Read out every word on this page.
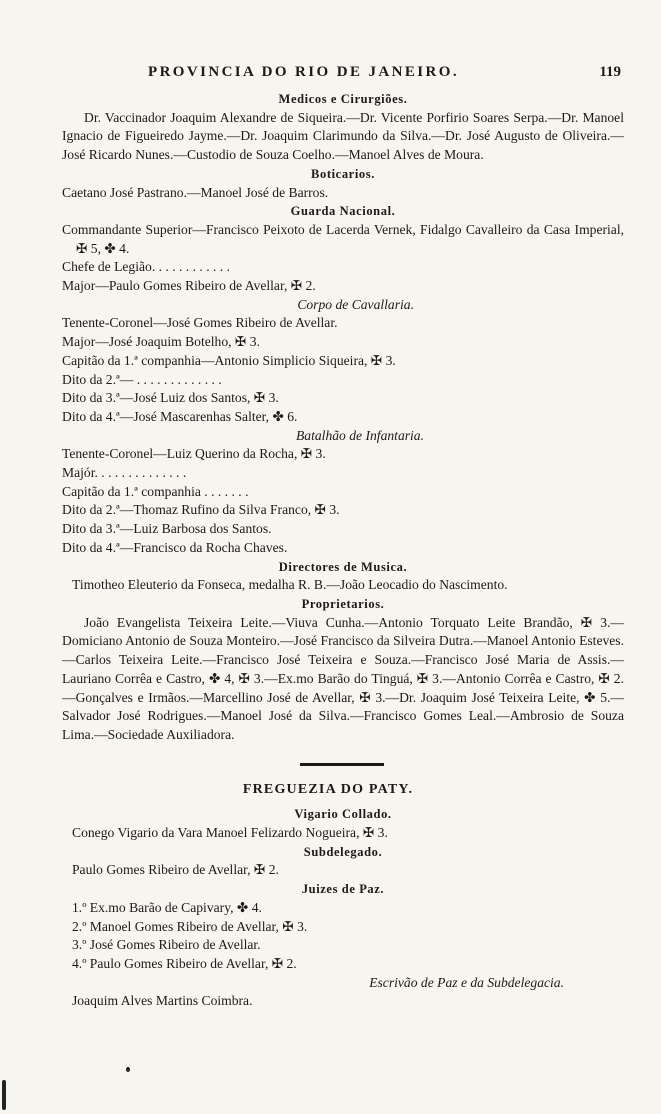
PROVINCIA DO RIO DE JANEIRO.	119

Medicos e Cirurgiões.

Dr. Vaccinador Joaquim Alexandre de Siqueira.—Dr. Vicente Porfirio Soares Serpa.—Dr. Manoel Ignacio de Figueiredo Jayme.—Dr. Joaquim Clarimundo da Silva.—Dr. José Augusto de Oliveira.—José Ricardo Nunes.—Custodio de Souza Coelho.—Manoel Alves de Moura.

Boticarios.

Caetano José Pastrano.—Manoel José de Barros.

Guarda Nacional.

Commandante Superior—Francisco Peixoto de Lacerda Vernek, Fidalgo Cavalleiro da Casa Imperial, ✠ 5, ✤ 4.

Chefe de Legião. . . . . . . . . . . .

Major—Paulo Gomes Ribeiro de Avellar, ✠ 2.

Corpo de Cavallaria.

Tenente-Coronel—José Gomes Ribeiro de Avellar.

Major—José Joaquim Botelho, ✠ 3.

Capitão da 1.ª companhia—Antonio Simplicio Siqueira, ✠ 3.

Dito da 2.ª— . . . . . . . . . . . . .

Dito da 3.ª—José Luiz dos Santos, ✠ 3.

Dito da 4.ª—José Mascarenhas Salter, ✤ 6.

Batalhão de Infantaria.

Tenente-Coronel—Luiz Querino da Rocha, ✠ 3.

Majór. . . . . . . . . . . . . .

Capitão da 1.ª companhia . . . . . . .

Dito da 2.ª—Thomaz Rufino da Silva Franco, ✠ 3.

Dito da 3.ª—Luiz Barbosa dos Santos.

Dito da 4.ª—Francisco da Rocha Chaves.

Directores de Musica.

Timotheo Eleuterio da Fonseca, medalha R. B.—João Leocadio do Nascimento.

Proprietarios.

João Evangelista Teixeira Leite.—Viuva Cunha.—Antonio Torquato Leite Brandão, ✠ 3.—Domiciano Antonio de Souza Monteiro.—José Francisco da Silveira Dutra.—Manoel Antonio Esteves.—Carlos Teixeira Leite.—Francisco José Teixeira e Souza.—Francisco José Maria de Assis.—Lauriano Corrêa e Castro, ✤ 4, ✠ 3.—Ex.mo Barão do Tinguá, ✠ 3.—Antonio Corrêa e Castro, ✠ 2.—Gonçalves e Irmãos.—Marcellino José de Avellar, ✠ 3.—Dr. Joaquim José Teixeira Leite, ✤ 5.—Salvador José Rodrigues.—Manoel José da Silva.—Francisco Gomes Leal.—Ambrosio de Souza Lima.—Sociedade Auxiliadora.

FREGUEZIA DO PATY.

Vigario Collado.

Conego Vigario da Vara Manoel Felizardo Nogueira, ✠ 3.

Subdelegado.

Paulo Gomes Ribeiro de Avellar, ✠ 2.

Juizes de Paz.

1.º Ex.mo Barão de Capivary, ✤ 4.

2.º Manoel Gomes Ribeiro de Avellar, ✠ 3.

3.º José Gomes Ribeiro de Avellar.

4.º Paulo Gomes Ribeiro de Avellar, ✠ 2.

Escrivão de Paz e da Subdelegacia.

Joaquim Alves Martins Coimbra.
